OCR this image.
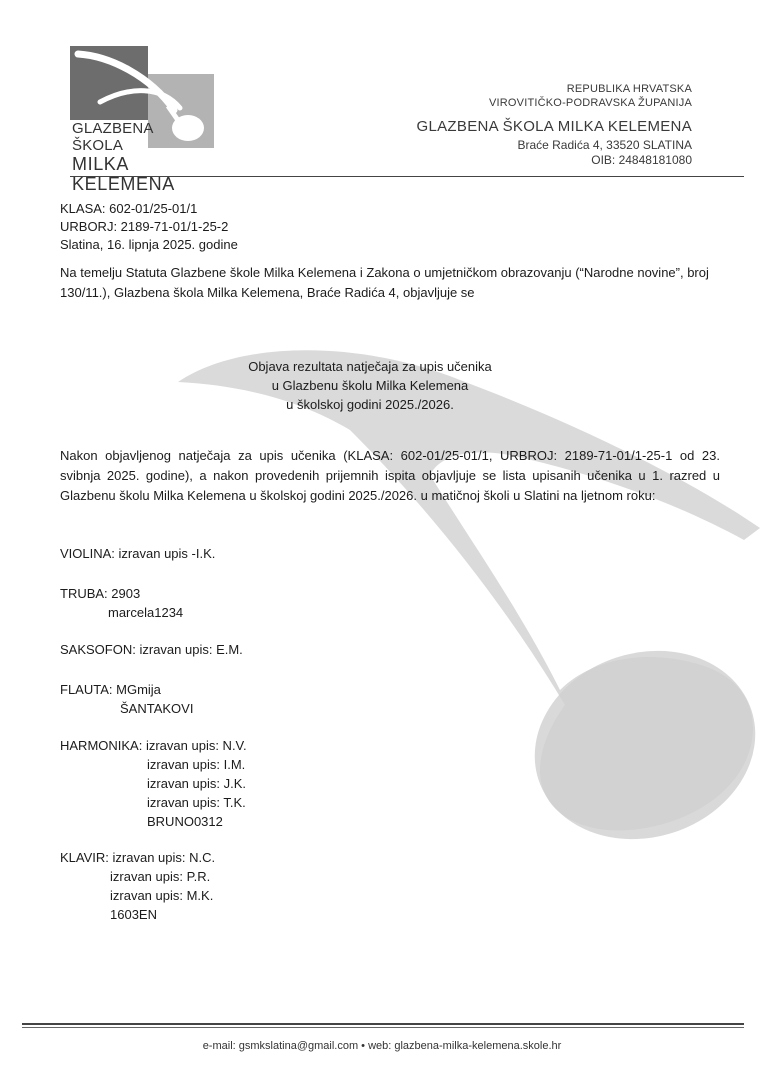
GLAZBENA
ŠKOLA
MILKA KELEMENA
REPUBLIKA HRVATSKA
VIROVITIČKO-PODRAVSKA ŽUPANIJA
GLAZBENA ŠKOLA MILKA KELEMENA
Braće Radića 4, 33520 SLATINA
OIB: 24848181080
KLASA: 602-01/25-01/1
URBORJ: 2189-71-01/1-25-2
Slatina, 16. lipnja 2025. godine
Na temelju Statuta Glazbene škole Milka Kelemena i Zakona o umjetničkom obrazovanju (“Narodne novine”, broj 130/11.), Glazbena škola Milka Kelemena, Braće Radića 4, objavljuje se
Objava rezultata natječaja za upis učenika
u Glazbenu školu Milka Kelemena
u školskoj godini 2025./2026.
Nakon objavljenog natječaja za upis učenika (KLASA: 602-01/25-01/1, URBROJ: 2189-71-01/1-25-1 od 23. svibnja 2025. godine), a nakon provedenih prijemnih ispita objavljuje se lista upisanih učenika u 1. razred u Glazbenu školu Milka Kelemena u školskoj godini 2025./2026. u matičnoj školi u Slatini na ljetnom roku:
VIOLINA: izravan upis -I.K.
TRUBA: 2903
marcela1234
SAKSOFON: izravan upis: E.M.
FLAUTA: MGmija
ŠANTAKOVI
HARMONIKA: izravan upis: N.V.
izravan upis: I.M.
izravan upis: J.K.
izravan upis: T.K.
BRUNO0312
KLAVIR: izravan upis: N.C.
izravan upis: P.R.
izravan upis: M.K.
1603EN
e-mail: gsmkslatina@gmail.com • web: glazbena-milka-kelemena.skole.hr
